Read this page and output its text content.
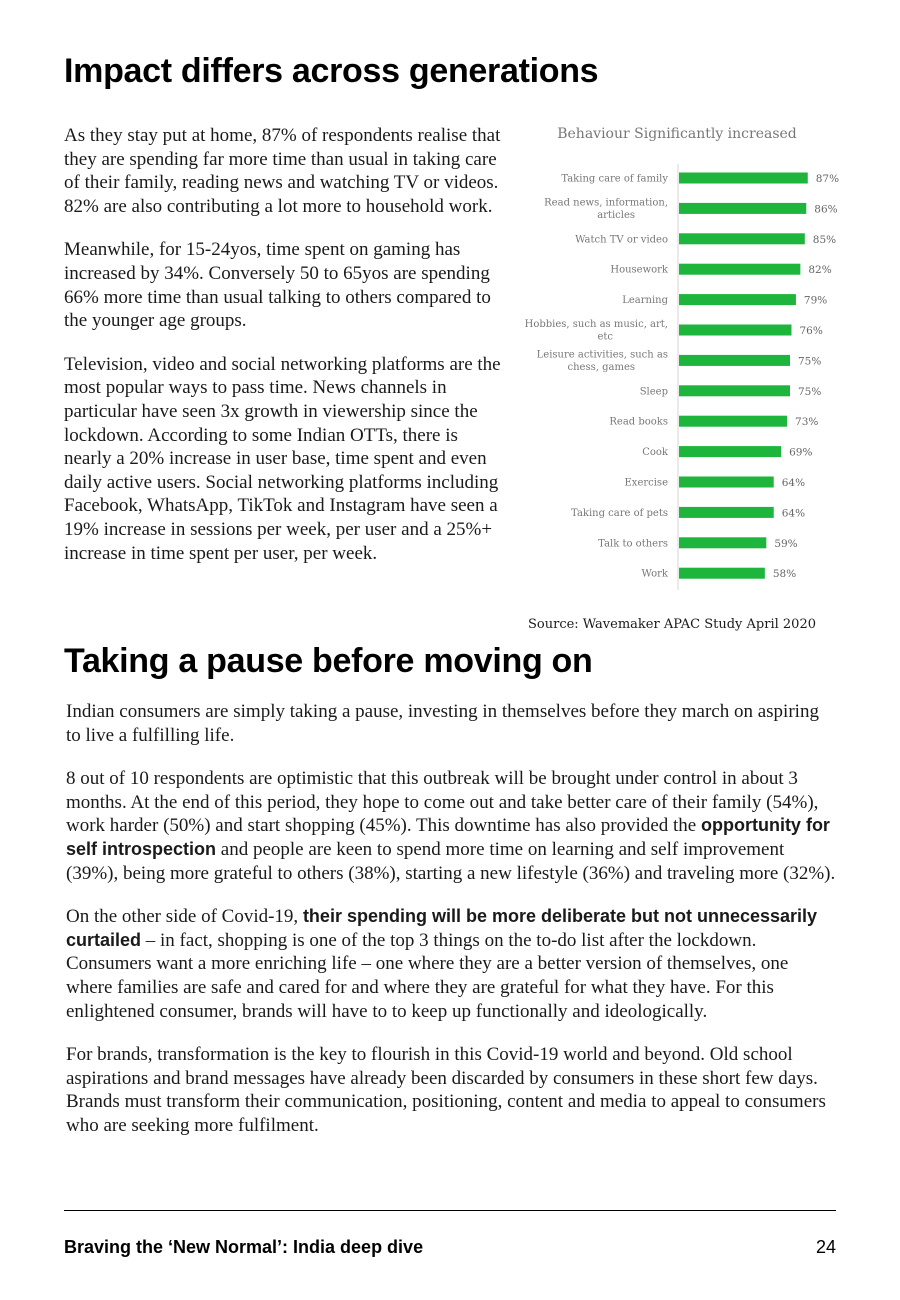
Impact differs across generations

As they stay put at home, 87% of respondents realise that they are spending far more time than usual in taking care of their family, reading news and watching TV or videos. 82% are also contributing a lot more to household work.

Meanwhile, for 15-24yos, time spent on gaming has increased by 34%. Conversely 50 to 65yos are spending 66% more time than usual talking to others compared to the younger age groups.

Television, video and social networking platforms are the most popular ways to pass time. News channels in particular have seen 3x growth in viewership since the lockdown. According to some Indian OTTs, there is nearly a 20% increase in user base, time spent and even daily active users. Social networking platforms including Facebook, WhatsApp, TikTok and Instagram have seen a 19% increase in sessions per week, per user and a 25%+ increase in time spent per user, per week.

Behaviour Significantly increased
87%
Taking care of family
86%
Read news, information, articles
85%
Watch TV or video
82%
Housework
79%
Learning
76%
Hobbies, such as music, art, etc
75%
Leisure activities, such as chess, games
75%
Sleep
73%
Read books
69%
Cook
64%
Exercise
64%
Taking care of pets
59%
Talk to others
58%
Work
Source: Wavemaker APAC Study April 2020
Taking a pause before moving on

Indian consumers are simply taking a pause, investing in themselves before they march on aspiring to live a fulfilling life.

8 out of 10 respondents are optimistic that this outbreak will be brought under control in about 3 months. At the end of this period, they hope to come out and take better care of their family (54%), work harder (50%) and start shopping (45%). This downtime has also provided the opportunity for self introspection and people are keen to spend more time on learning and self improvement (39%), being more grateful to others (38%), starting a new lifestyle (36%) and traveling more (32%).

On the other side of Covid-19, their spending will be more deliberate but not unnecessarily curtailed – in fact, shopping is one of the top 3 things on the to-do list after the lockdown. Consumers want a more enriching life – one where they are a better version of themselves, one where families are safe and cared for and where they are grateful for what they have. For this enlightened consumer, brands will have to to keep up functionally and ideologically.

For brands, transformation is the key to flourish in this Covid-19 world and beyond. Old school aspirations and brand messages have already been discarded by consumers in these short few days. Brands must transform their communication, positioning, content and media to appeal to consumers who are seeking more fulfilment.

Braving the ‘New Normal’: India deep dive	24
